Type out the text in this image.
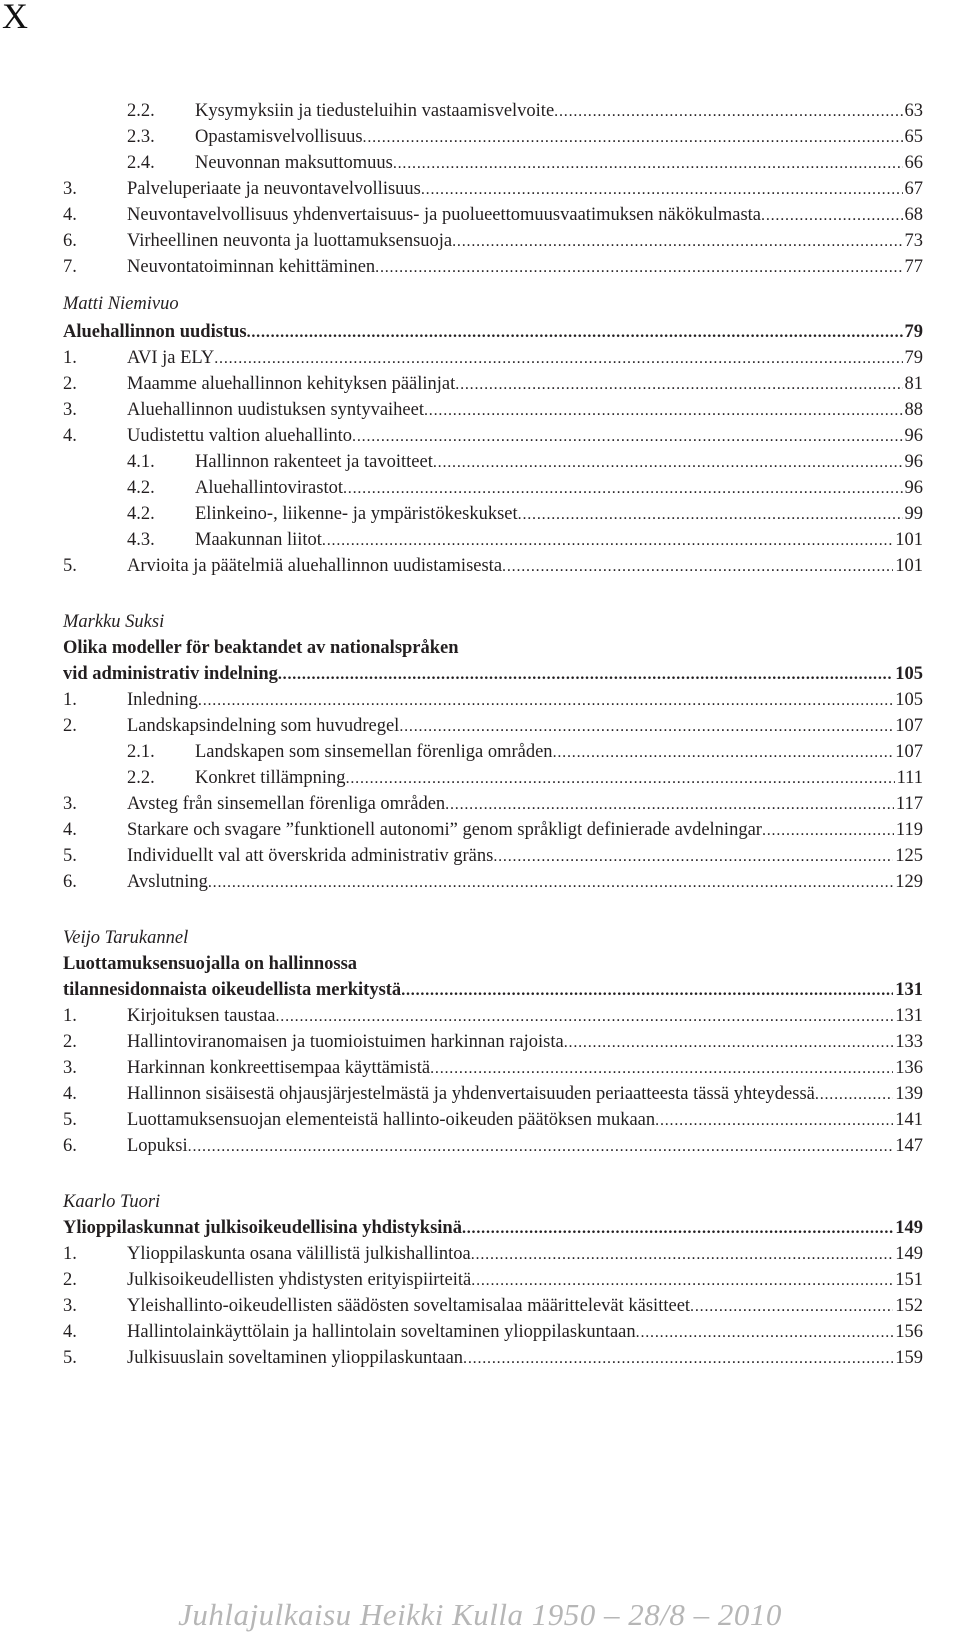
X
2.2. Kysymyksiin ja tiedusteluihin vastaamisvelvoite . . .	63
2.3. Opastamisvelvollisuus . . .	65
2.4. Neuvonnan maksuttomuus . . .	66
3.	Palveluperiaate ja neuvontavelvollisuus . . .	67
4.	Neuvontavelvollisuus yhdenvertaisuus- ja puolueettomuusvaatimuksen näkökulmasta . . .	68
6.	Virheellinen neuvonta ja luottamuksensuoja . . .	73
7.	Neuvontatoiminnan kehittäminen . . .	77
Matti Niemivuo
Aluehallinnon uudistus . . .	79
1.	AVI ja ELY . . .	79
2.	Maamme aluehallinnon kehityksen päälinjat . . .	81
3.	Aluehallinnon uudistuksen syntyvaiheet . . .	88
4.	Uudistettu valtion aluehallinto . . .	96
4.1. Hallinnon rakenteet ja tavoitteet . . .	96
4.2. Aluehallintovirastot . . .	96
4.2. Elinkeino-, liikenne- ja ympäristökeskukset . . .	99
4.3. Maakunnan liitot . . .	101
5.	Arvioita ja päätelmiä aluehallinnon uudistamisesta . . .	101
Markku Suksi
Olika modeller för beaktandet av nationalspråken
vid administrativ indelning . . .	105
1.	Inledning . . .	105
2.	Landskapsindelning som huvudregel . . .	107
2.1. Landskapen som sinsemellan förenliga områden . . .	107
2.2. Konkret tillämpning . . .	111
3.	Avsteg från sinsemellan förenliga områden . . .	117
4.	Starkare och svagare ”funktionell autonomi” genom språkligt definierade avdelningar . . .	119
5.	Individuellt val att överskrida administrativ gräns . . .	125
6.	Avslutning . . .	129
Veijo Tarukannel
Luottamuksensuojalla on hallinnossa
tilannesidonnaista oikeudellista merkitystä . . .	131
1.	Kirjoituksen taustaa . . .	131
2.	Hallintoviranomaisen ja tuomioistuimen harkinnan rajoista . . .	133
3.	Harkinnan konkreettisempaa käyttämistä . . .	136
4.	Hallinnon sisäisestä ohjausjärjestelmästä ja yhdenvertaisuuden periaatteesta tässä yhteydessä . . .	139
5.	Luottamuksensuojan elementeistä hallinto-oikeuden päätöksen mukaan . . .	141
6.	Lopuksi . . .	147
Kaarlo Tuori
Ylioppilaskunnat julkisoikeudellisina yhdistyksinä . . .	149
1.	Ylioppilaskunta osana välillistä julkishallintoa . . .	149
2.	Julkisoikeudellisten yhdistysten erityispiirteitä . . .	151
3.	Yleishallinto-oikeudellisten säädösten soveltamisalaa määrittelevät käsitteet . . .	152
4.	Hallintolainkäyttölain ja hallintolain soveltaminen ylioppilaskuntaan . . .	156
5.	Julkisuuslain soveltaminen ylioppilaskuntaan . . .	159
Juhlajulkaisu Heikki Kulla 1950 – 28/8 – 2010
